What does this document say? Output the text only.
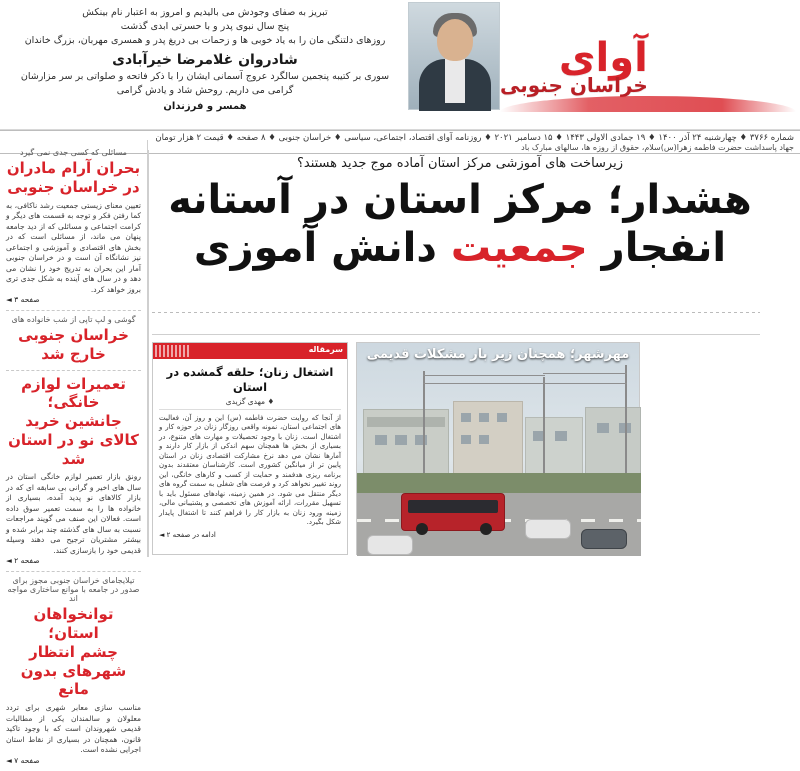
آوای
خراسان جنوبی
تبریز به صفای وجودش می بالیدیم و امروز به اعتبار نام بینکش
پنج سال نبوی پدر و با حسرتی ابدی گذشت
روزهای دلتنگی مان را به یاد خوبی ها و زحمات بی دریغ پدر و همسری مهربان، بزرگ خاندان
شادروان غلامرضا خیرآبادی
سوری بر کتیبه پنجمین سالگرد عروج آسمانی ایشان را با ذکر فاتحه و صلواتی بر سر مزارشان
گرامی می داریم. روحش شاد و یادش گرامی
همسر و فرزندان
شماره ۳۷۶۶ ♦ چهارشنبه ۲۴ آذر ۱۴۰۰ ♦ ۱۹ جمادی الاولی ۱۴۴۳ ♦ ۱۵ دسامبر ۲۰۲۱ ♦ روزنامه آوای اقتصاد، اجتماعی، سیاسی ♦ خراسان جنوبی ♦ ۸ صفحه ♦ قیمت ۲ هزار تومان
جهاد پاسداشت حضرت فاطمه زهرا(س)سلام، حقوق از روزه ها، سالهای مبارک باد
زیرساخت های آموزشی مرکز استان آماده موج جدید هستند؟
هشدار؛ مرکز استان در آستانه
انفجار جمعیت دانش آموزی
مسائلی که کسی جدی نمی گیرد
بحران آرام مادران
در خراسان جنوبی
تعیین معنای زیستی جمعیت رشد ناکافی، به کما رفتن فکر و توجه به قسمت های دیگر و کرامت اجتماعی و مسائلی که از دید جامعه پنهان می ماند، از مسائلی است که در بخش های اقتصادی و آموزشی و اجتماعی نیز نشانگاه آن است و در خراسان جنوبی آمار این بحران به تدریج خود را نشان می دهد و در سال های آینده به شکل جدی تری بروز خواهد کرد.
صفحه ۳ ◄
گوشی و لپ تاپی از شب خانواده های
خراسان جنوبی خارج شد
تعمیرات لوازم خانگی؛
جانشین خرید کالای نو در استان شد
رونق بازار تعمیر لوازم خانگی استان در سال های اخیر و گرانی بی سابقه ای که در بازار کالاهای نو پدید آمده، بسیاری از خانواده ها را به سمت تعمیر سوق داده است. فعالان این صنف می گویند مراجعات نسبت به سال های گذشته چند برابر شده و بیشتر مشتریان ترجیح می دهند وسیله قدیمی خود را بازسازی کنند.
صفحه ۲ ◄
تیلایجامای خراسان جنوبی مجوز برای صدور در جامعه با موانع ساختاری مواجه اند
توانخواهان استان؛
چشم انتظار شهرهای بدون مانع
مناسب سازی معابر شهری برای تردد معلولان و سالمندان یکی از مطالبات قدیمی شهروندان است که با وجود تاکید قانون، همچنان در بسیاری از نقاط استان اجرایی نشده است.
صفحه ۷ ◄
سرمقاله
اشتغال زنان؛ حلقه گمشده در استان
♦ مهدی گزیدی
از آنجا که روایت حضرت فاطمه (س) این و روز آن، فعالیت های اجتماعی استان، نمونه واقعی روزگار زنان در حوزه کار و اشتغال است. زنان با وجود تحصیلات و مهارت های متنوع، در بسیاری از بخش ها همچنان سهم اندکی از بازار کار دارند و آمارها نشان می دهد نرخ مشارکت اقتصادی زنان در استان پایین تر از میانگین کشوری است. کارشناسان معتقدند بدون برنامه ریزی هدفمند و حمایت از کسب و کارهای خانگی، این روند تغییر نخواهد کرد و فرصت های شغلی به سمت گروه های دیگر منتقل می شود. در همین زمینه، نهادهای مسئول باید با تسهیل مقررات، ارائه آموزش های تخصصی و پشتیبانی مالی، زمینه ورود زنان به بازار کار را فراهم کنند تا اشتغال پایدار شکل بگیرد.
ادامه در صفحه ۲ ◄
مهرشهر؛ همچنان زیر بار مشکلات قدیمی
